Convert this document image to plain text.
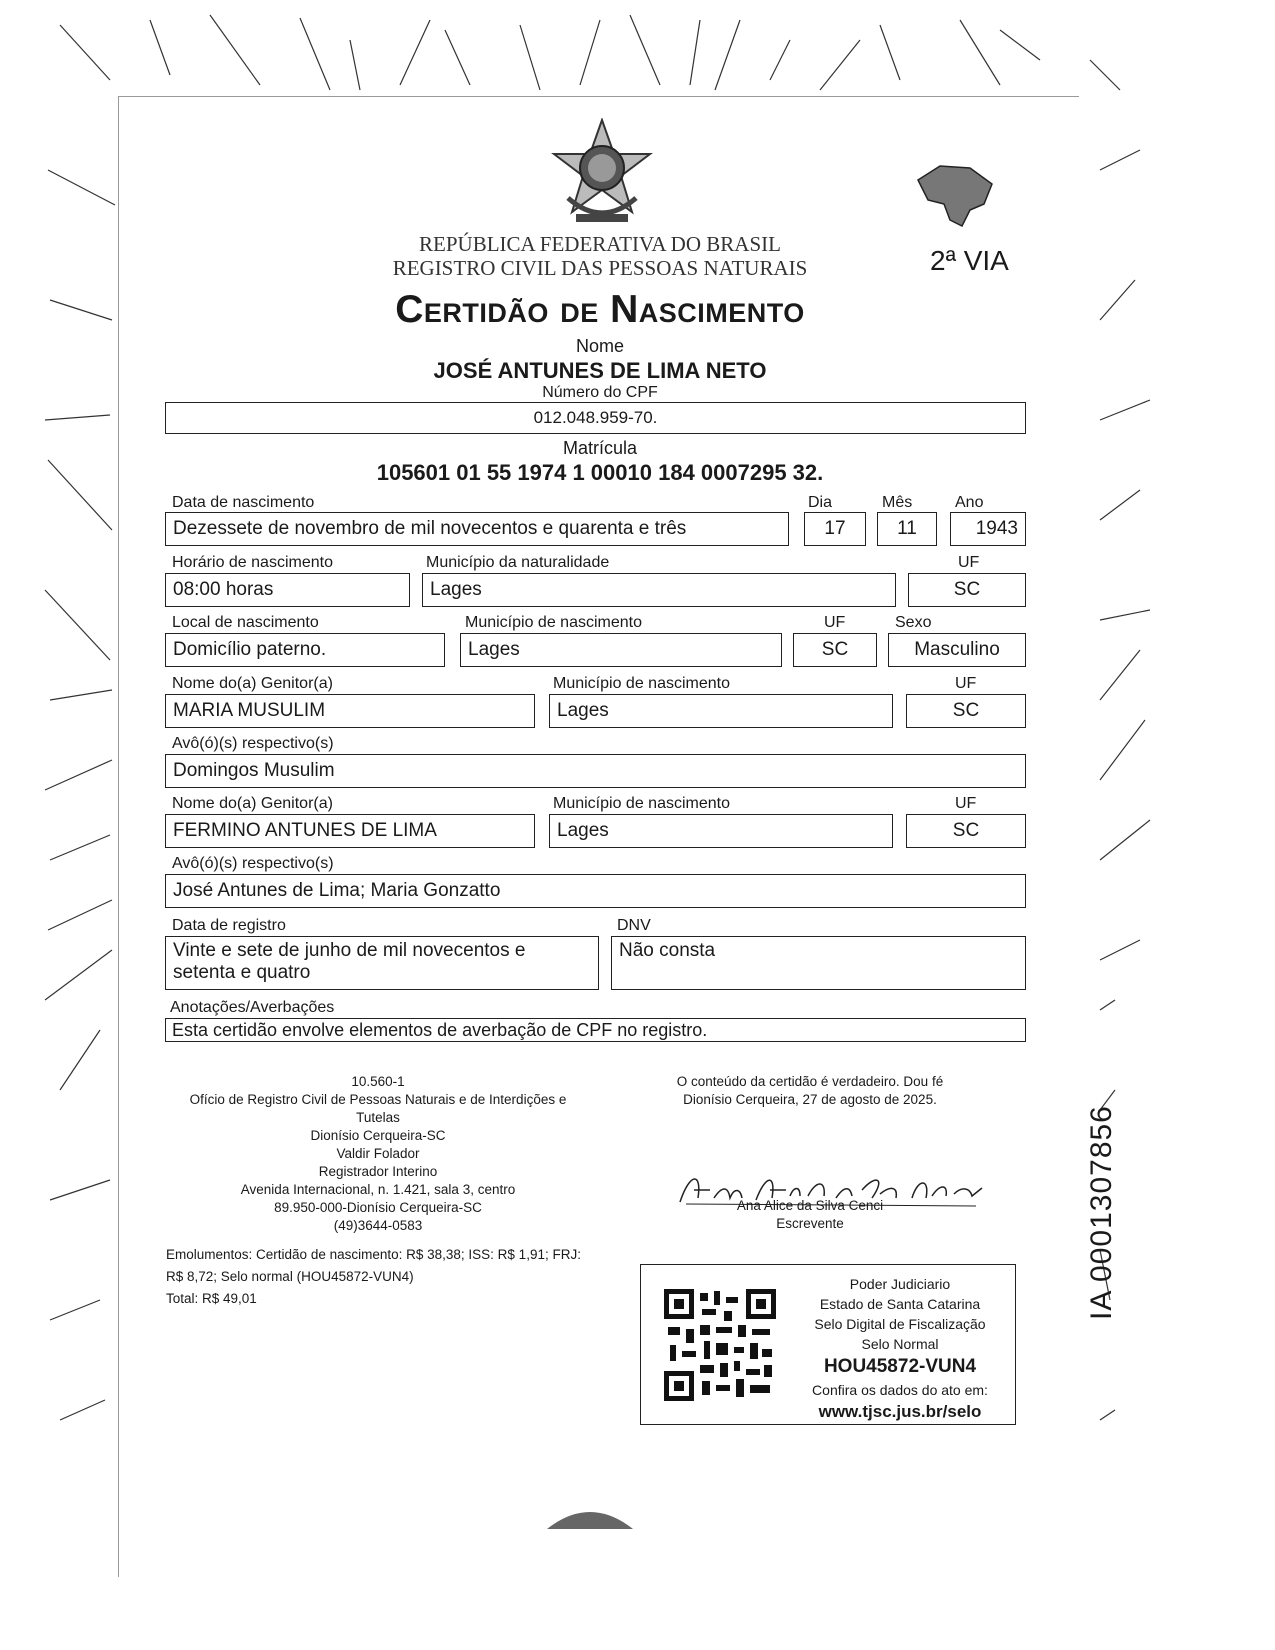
REPÚBLICA FEDERATIVA DO BRASIL
REGISTRO CIVIL DAS PESSOAS NATURAIS	2ª VIA
Certidão de Nascimento
Nome
JOSÉ ANTUNES DE LIMA NETO
Número do CPF
012.048.959-70.
Matrícula
105601 01 55 1974 1 00010 184 0007295 32.
Data de nascimento	Dia	Mês	Ano
Dezessete de novembro de mil novecentos e quarenta e três	17	11	1943
Horário de nascimento	Município da naturalidade	UF
08:00 horas	Lages	SC
Local de nascimento	Município de nascimento	UF	Sexo
Domicílio paterno.	Lages	SC	Masculino
Nome do(a) Genitor(a)	Município de nascimento	UF
MARIA MUSULIM	Lages	SC
Avô(ó)(s) respectivo(s)
Domingos Musulim
Nome do(a) Genitor(a)	Município de nascimento	UF
FERMINO ANTUNES DE LIMA	Lages	SC
Avô(ó)(s) respectivo(s)
José Antunes de Lima; Maria Gonzatto
Data de registro	DNV
Vinte e sete de junho de mil novecentos e
setenta e quatro
Não consta
Anotações/Averbações
Esta certidão envolve elementos de averbação de CPF no registro.
10.560-1
Ofício de Registro Civil de Pessoas Naturais e de Interdições e
Tutelas
Dionísio Cerqueira-SC
Valdir Folador
Registrador Interino
Avenida Internacional, n. 1.421, sala 3, centro
89.950-000-Dionísio Cerqueira-SC
(49)3644-0583
O conteúdo da certidão é verdadeiro. Dou fé
Dionísio Cerqueira, 27 de agosto de 2025.
Ana Alice da Silva Cenci
Escrevente
Emolumentos: Certidão de nascimento: R$ 38,38; ISS: R$ 1,91; FRJ:
R$ 8,72; Selo normal (HOU45872-VUN4)
Total: R$ 49,01
Poder Judiciario
Estado de Santa Catarina
Selo Digital de Fiscalização
Selo Normal
HOU45872-VUN4
Confira os dados do ato em:
www.tjsc.jus.br/selo
IA 0001307856
